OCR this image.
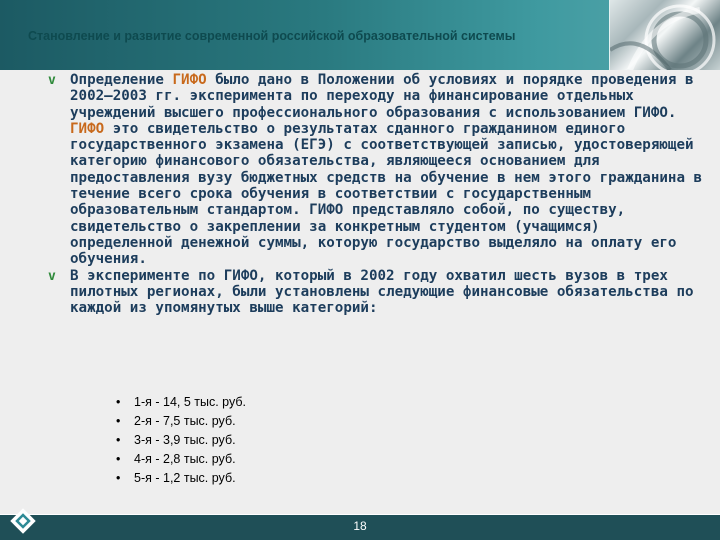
Становление и развитие современной российской образовательной системы

v Определение ГИФО было дано в Положении об условиях и порядке проведения в 2002–2003 гг. эксперимента по переходу на финансирование отдельных учреждений высшего профессионального образования с использованием ГИФО. ГИФО это свидетельство о результатах сданного гражданином единого государственного экзамена (ЕГЭ) с соответствующей записью, удостоверяющей категорию финансового обязательства, являющееся основанием для предоставления вузу бюджетных средств на обучение в нем этого гражданина в течение всего срока обучения в соответствии с государственным образовательным стандартом. ГИФО представляло собой, по существу, свидетельство о закреплении за конкретным студентом (учащимся) определенной денежной суммы, которую государство выделяло на оплату его обучения.

v В эксперименте по ГИФО, который в 2002 году охватил шесть вузов в трех пилотных регионах, были установлены следующие финансовые обязательства по каждой из упомянутых выше категорий:

• 1-я - 14, 5 тыс. руб.
• 2-я - 7,5 тыс. руб.
• 3-я - 3,9 тыс. руб.
• 4-я - 2,8 тыс. руб.
• 5-я - 1,2 тыс. руб.
18
